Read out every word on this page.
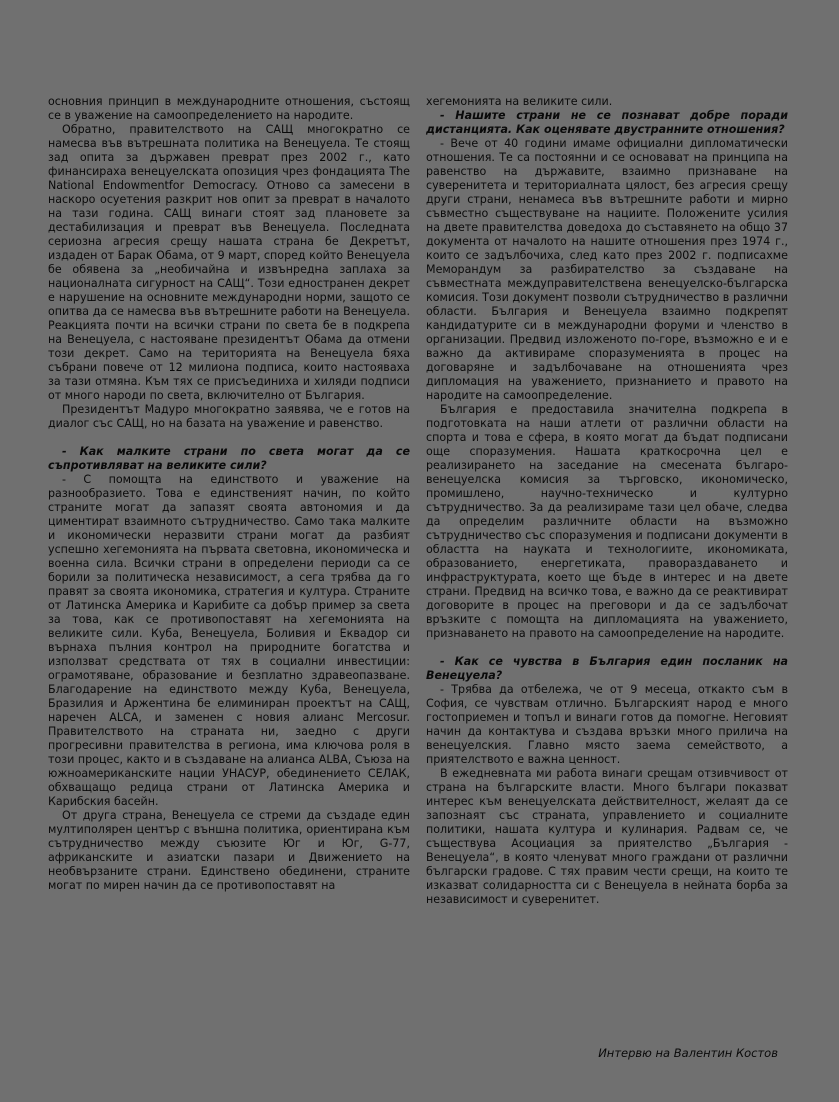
основния принцип в международните отношения, състоящ се в уважение на самоопределението на народите.

Обратно, правителството на САЩ многократно се намесва във вътрешната политика на Венецуела. Те стоящ зад опита за държавен преврат през 2002 г., като финансираха венецуелската опозиция чрез фондацията The National Endowmentfor Democracy. Отново са замесени в наскоро осуетения разкрит нов опит за преврат в началото на тази година. САЩ винаги стоят зад плановете за дестабилизация и преврат във Венецуела. Последната сериозна агресия срещу нашата страна бе Декретът, издаден от Барак Обама, от 9 март, според който Венецуела бе обявена за „необичайна и извънредна заплаха за националната сигурност на САЩ“. Този едностранен декрет е нарушение на основните международни норми, защото се опитва да се намесва във вътрешните работи на Венецуела. Реакцията почти на всички страни по света бе в подкрепа на Венецуела, с настояване президентът Обама да отмени този декрет. Само на територията на Венецуела бяха събрани повече от 12 милиона подписа, които настояваха за тази отмяна. Към тях се присъединиха и хиляди подписи от много народи по света, включително от България.

Президентът Мадуро многократно заявява, че е готов на диалог със САЩ, но на базата на уважение и равенство.

- Как малките страни по света могат да се съпротивляват на великите сили?

- С помощта на единството и уважение на разнообразието. Това е единственият начин, по който страните могат да запазят своята автономия и да циментират взаимното сътрудничество. Само така малките и икономически неразвити страни могат да разбият успешно хегемонията на първата световна, икономическа и военна сила. Всички страни в определени периоди са се борили за политическа независимост, а сега трябва да го правят за своята икономика, стратегия и култура. Страните от Латинска Америка и Карибите са добър пример за света за това, как се противопоставят на хегемонията на великите сили. Куба, Венецуела, Боливия и Еквадор си върнаха пълния контрол на природните богатства и използват средствата от тях в социални инвестиции: ограмотяване, образование и безплатно здравеопазване. Благодарение на единството между Куба, Венецуела, Бразилия и Аржентина бе елиминиран проектът на САЩ, наречен ALCA, и заменен с новия алианс Mercosur. Правителството на страната ни, заедно с други прогресивни правителства в региона, има ключова роля в този процес, както и в създаване на алианса ALBA, Съюза на южноамериканските нации УНАСУР, обединението СЕЛАК, обхващащо редица страни от Латинска Америка и Карибския басейн.

От друга страна, Венецуела се стреми да създаде един мултиполярен център с външна политика, ориентирана към сътрудничество между съюзите Юг и Юг, G-77, африканските и азиатски пазари и Движението на необвързаните страни. Единствено обединени, страните могат по мирен начин да се противопоставят на

хегемонията на великите сили.

- Нашите страни не се познават добре поради дистанцията. Как оценявате двустранните отношения?

- Вече от 40 години имаме официални дипломатически отношения. Те са постоянни и се основават на принципа на равенство на държавите, взаимно признаване на суверенитета и териториалната цялост, без агресия срещу други страни, ненамеса във вътрешните работи и мирно съвместно съществуване на нациите. Положените усилия на двете правителства доведоха до съставянето на общо 37 документа от началото на нашите отношения през 1974 г., които се задълбочиха, след като през 2002 г. подписахме Меморандум за разбирателство за създаване на съвместната междуправителствена венецуелско-българска комисия. Този документ позволи сътрудничество в различни области. България и Венецуела взаимно подкрепят кандидатурите си в международни форуми и членство в организации. Предвид изложеното по-горе, възможно е и е важно да активираме споразуменията в процес на договаряне и задълбочаване на отношенията чрез дипломация на уважението, признанието и правото на народите на самоопределение.

България е предоставила значителна подкрепа в подготовката на наши атлети от различни области на спорта и това е сфера, в която могат да бъдат подписани още споразумения. Нашата краткосрочна цел е реализирането на заседание на смесената българо-венецуелска комисия за търговско, икономическо, промишлено, научно-техническо и културно сътрудничество. За да реализираме тази цел обаче, следва да определим различните области на възможно сътрудничество със споразумения и подписани документи в областта на науката и технологиите, икономиката, образованието, енергетиката, правораздаването и инфраструктурата, което ще бъде в интерес и на двете страни. Предвид на всичко това, е важно да се реактивират договорите в процес на преговори и да се задълбочат връзките с помощта на дипломацията на уважението, признаването на правото на самоопределение на народите.

- Как се чувства в България един посланик на Венецуела?

- Трябва да отбележа, че от 9 месеца, откакто съм в София, се чувствам отлично. Българският народ е много гостоприемен и топъл и винаги готов да помогне. Неговият начин да контактува и създава връзки много прилича на венецуелския. Главно място заема семейството, а приятелството е важна ценност.

В ежедневната ми работа винаги срещам отзивчивост от страна на българските власти. Много българи показват интерес към венецуелската действителност, желаят да се запознаят със страната, управлението и социалните политики, нашата култура и кулинария. Радвам се, че съществува Асоциация за приятелство „България - Венецуела“, в която членуват много граждани от различни български градове. С тях правим чести срещи, на които те изказват солидарността си с Венецуела в нейната борба за независимост и суверенитет.

Интервю на Валентин Костов
